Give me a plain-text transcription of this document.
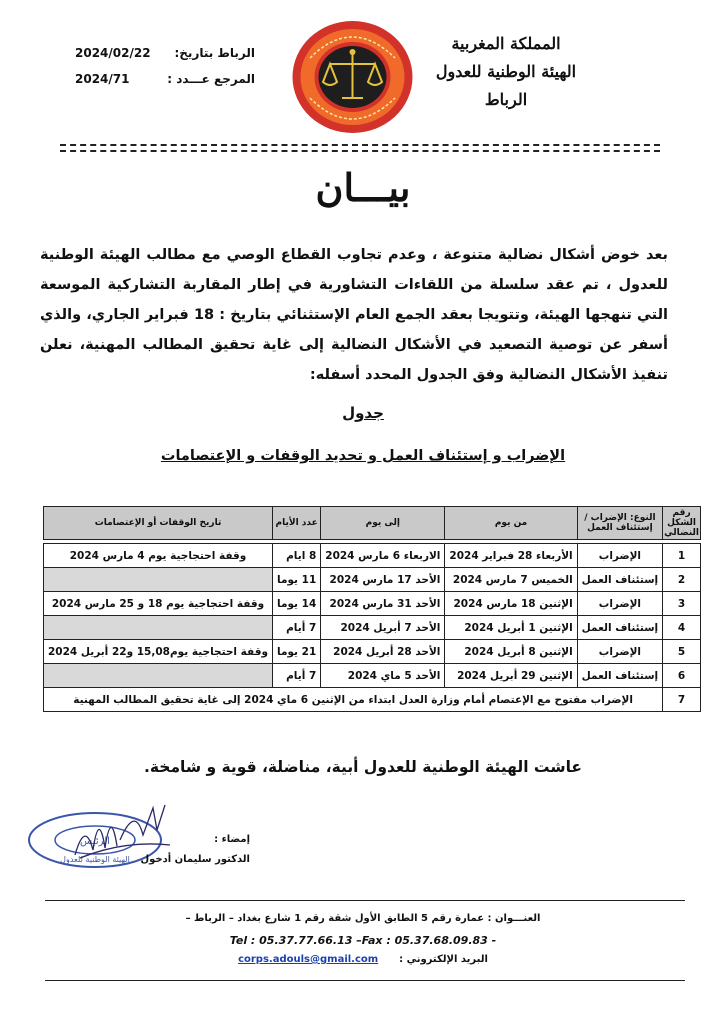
المملكة المغربية
الهيئة الوطنية للعدول
الرباط
الرباط بتاريخ:
2024/02/22
المرجع عـــدد :
2024/71
بيـــان
بعد خوض أشكال نضالية متنوعة ، وعدم تجاوب القطاع الوصي مع مطالب الهيئة الوطنية للعدول ، تم عقد سلسلة من اللقاءات التشاورية في إطار المقاربة التشاركية الموسعة التي تنهجها الهيئة، وتتويجا بعقد الجمع العام الإستثنائي بتاريخ : 18 فبراير الجاري، والذي أسفر عن توصية التصعيد في الأشكال النضالية إلى غاية تحقيق المطالب المهنية، نعلن تنفيذ الأشكال النضالية وفق الجدول المحدد أسفله:
جدول
الإضراب و إستئناف العمل و تحديد الوقفات و الإعتصامات
رقم الشكل النضالي	النوع: الإضراب /إستئناف العمل	من يوم	إلى يوم	عدد الأيام	تاريخ الوقفات أو الإعتصامات

1	الإضراب	الأربعاء 28 فبراير 2024	الاربعاء 6 مارس 2024	8 ايام	وقفة احتجاجية يوم 4 مارس 2024
2	إستئناف العمل	الخميس 7 مارس 2024	الأحد 17 مارس 2024	11 يوما	
3	الإضراب	الإثنين 18 مارس 2024	الأحد 31 مارس 2024	14 يوما	وقفة احتجاجية يوم 18 و 25 مارس 2024
4	إستئناف العمل	الإثنين 1 أبريل 2024	الأحد 7 أبريل 2024	7 أيام	
5	الإضراب	الإثنين 8 أبريل 2024	الأحد 28 أبريل 2024	21 يوما	وقفة احتجاجية يوم15,08 و22 أبريل 2024
6	إستئناف العمل	الإثنين 29 أبريل 2024	الأحد 5 ماي 2024	7 أيام	
7	الإضراب مفتوح مع الإعتصام أمام وزارة العدل ابتداء من الإثنين 6 ماي 2024 إلى غاية تحقيق المطالب المهنية				
عاشت الهيئة الوطنية للعدول أبية، مناضلة، قوية و شامخة.
الرئيس
الهيئة الوطنية للعدول
إمضاء :
الدكتور سليمان أدخول
العنـــوان : عمارة رقم 5 الطابق الأول شقة رقم 1 شارع بغداد – الرباط –
Tel : 05.37.77.66.13 –Fax : 05.37.68.09.83 -
البريد الإلكتروني :      corps.adouls@gmail.com
